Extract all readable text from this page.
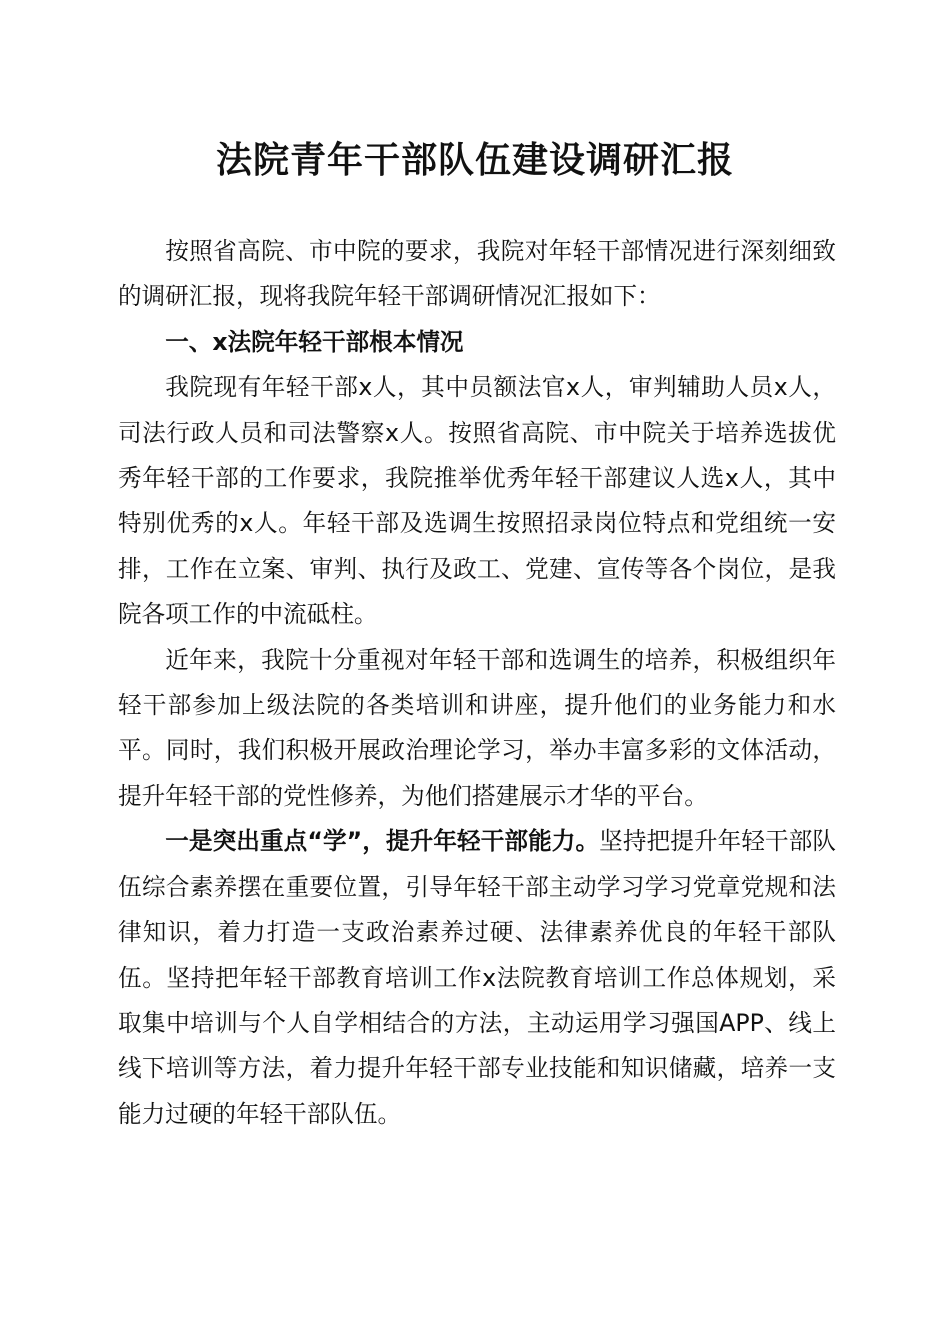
法院青年干部队伍建设调研汇报

按照省高院、市中院的要求，我院对年轻干部情况进行深刻细致的调研汇报，现将我院年轻干部调研情况汇报如下：

一、x法院年轻干部根本情况

我院现有年轻干部x人，其中员额法官x人，审判辅助人员x人，司法行政人员和司法警察x人。按照省高院、市中院关于培养选拔优秀年轻干部的工作要求，我院推举优秀年轻干部建议人选x人，其中特别优秀的x人。年轻干部及选调生按照招录岗位特点和党组统一安排，工作在立案、审判、执行及政工、党建、宣传等各个岗位，是我院各项工作的中流砥柱。

近年来，我院十分重视对年轻干部和选调生的培养，积极组织年轻干部参加上级法院的各类培训和讲座，提升他们的业务能力和水平。同时，我们积极开展政治理论学习，举办丰富多彩的文体活动，提升年轻干部的党性修养，为他们搭建展示才华的平台。

一是突出重点“学”，提升年轻干部能力。坚持把提升年轻干部队伍综合素养摆在重要位置，引导年轻干部主动学习学习党章党规和法律知识，着力打造一支政治素养过硬、法律素养优良的年轻干部队伍。坚持把年轻干部教育培训工作x法院教育培训工作总体规划，采取集中培训与个人自学相结合的方法，主动运用学习强国APP、线上线下培训等方法，着力提升年轻干部专业技能和知识储藏，培养一支能力过硬的年轻干部队伍。
